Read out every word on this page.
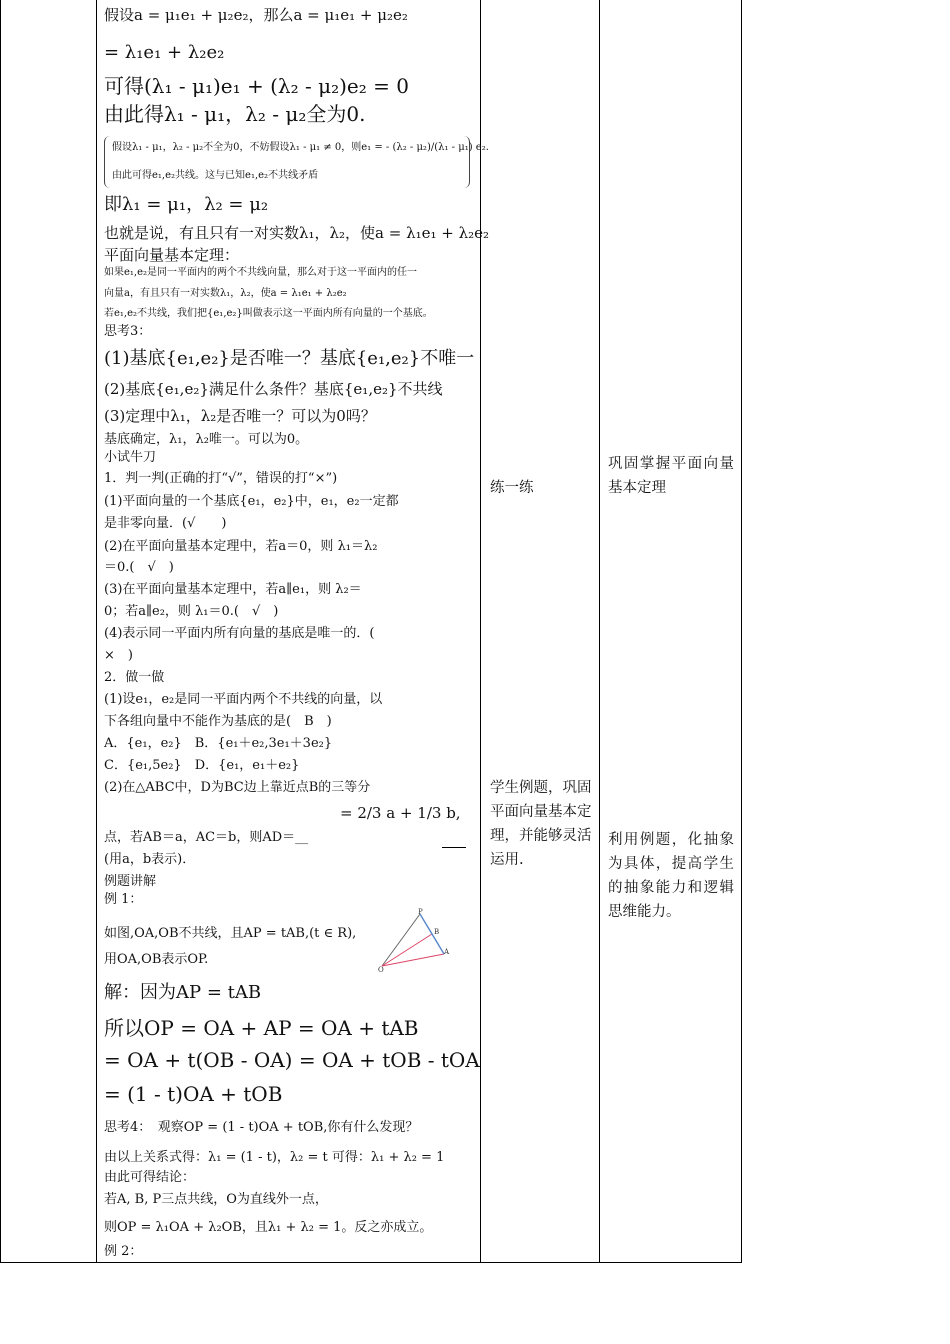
假设a = μ₁e₁ + μ₂e₂，那么a = μ₁e₁ + μ₂e₂
= λ₁e₁ + λ₂e₂
可得(λ₁ - μ₁)e₁ + (λ₂ - μ₂)e₂ = 0
由此得λ₁ - μ₁，λ₂ - μ₂全为0.
假设λ₁ - μ₁，λ₂ - μ₂不全为0，不妨假设λ₁ - μ₁ ≠ 0，则e₁ = - (λ₂ - μ₂)/(λ₁ - μ₁) e₂.
由此可得e₁,e₂共线。这与已知e₁,e₂不共线矛盾
即λ₁ = μ₁，λ₂ = μ₂
也就是说，有且只有一对实数λ₁，λ₂，使a = λ₁e₁ + λ₂e₂
平面向量基本定理：
如果e₁,e₂是同一平面内的两个不共线向量，那么对于这一平面内的任一
向量a，有且只有一对实数λ₁，λ₂，使a = λ₁e₁ + λ₂e₂
若e₁,e₂不共线，我们把{e₁,e₂}叫做表示这一平面内所有向量的一个基底。
思考3：
(1)基底{e₁,e₂}是否唯一？基底{e₁,e₂}不唯一
(2)基底{e₁,e₂}满足什么条件？基底{e₁,e₂}不共线
(3)定理中λ₁，λ₂是否唯一？可以为0吗？
基底确定，λ₁，λ₂唯一。可以为0。
小试牛刀
1．判一判(正确的打“√”，错误的打“×”)
(1)平面向量的一个基底{e₁，e₂}中，e₁，e₂一定都
是非零向量．(√　　)
(2)在平面向量基本定理中，若a＝0，则 λ₁＝λ₂
＝0.(　√　)
(3)在平面向量基本定理中，若a∥e₁，则 λ₂＝
0；若a∥e₂，则 λ₁＝0.(　√　)
(4)表示同一平面内所有向量的基底是唯一的．(
×　)
2．做一做
(1)设e₁，e₂是同一平面内两个不共线的向量，以
下各组向量中不能作为基底的是(　B　)
A．{e₁，e₂}　B．{e₁＋e₂,3e₁＋3e₂}
C．{e₁,5e₂}　D．{e₁，e₁＋e₂}
(2)在△ABC中，D为BC边上靠近点B的三等分
= 2/3 a + 1/3 b,
点，若AB＝a，AC＝b，则AD＝__
(用a，b表示)．
例题讲解
例 1：
如图,OA,OB不共线，且AP = tAB,(t ∈ R),
用OA,OB表示OP.
P
B
A
O
解：因为AP = tAB
所以OP = OA + AP = OA + tAB
= OA + t(OB - OA) = OA + tOB - tOA
= (1 - t)OA + tOB
思考4：　观察OP = (1 - t)OA + tOB,你有什么发现？
由以上关系式得：λ₁ = (1 - t)，λ₂ = t 可得：λ₁ + λ₂ = 1
由此可得结论：
若A, B, P三点共线，O为直线外一点，
则OP = λ₁OA + λ₂OB，且λ₁ + λ₂ = 1。反之亦成立。
例 2：
练一练
学生例题，巩固平面向量基本定理，并能够灵活运用.
巩固掌握平面向量基本定理
利用例题，化抽象为具体，提高学生的抽象能力和逻辑思维能力。
